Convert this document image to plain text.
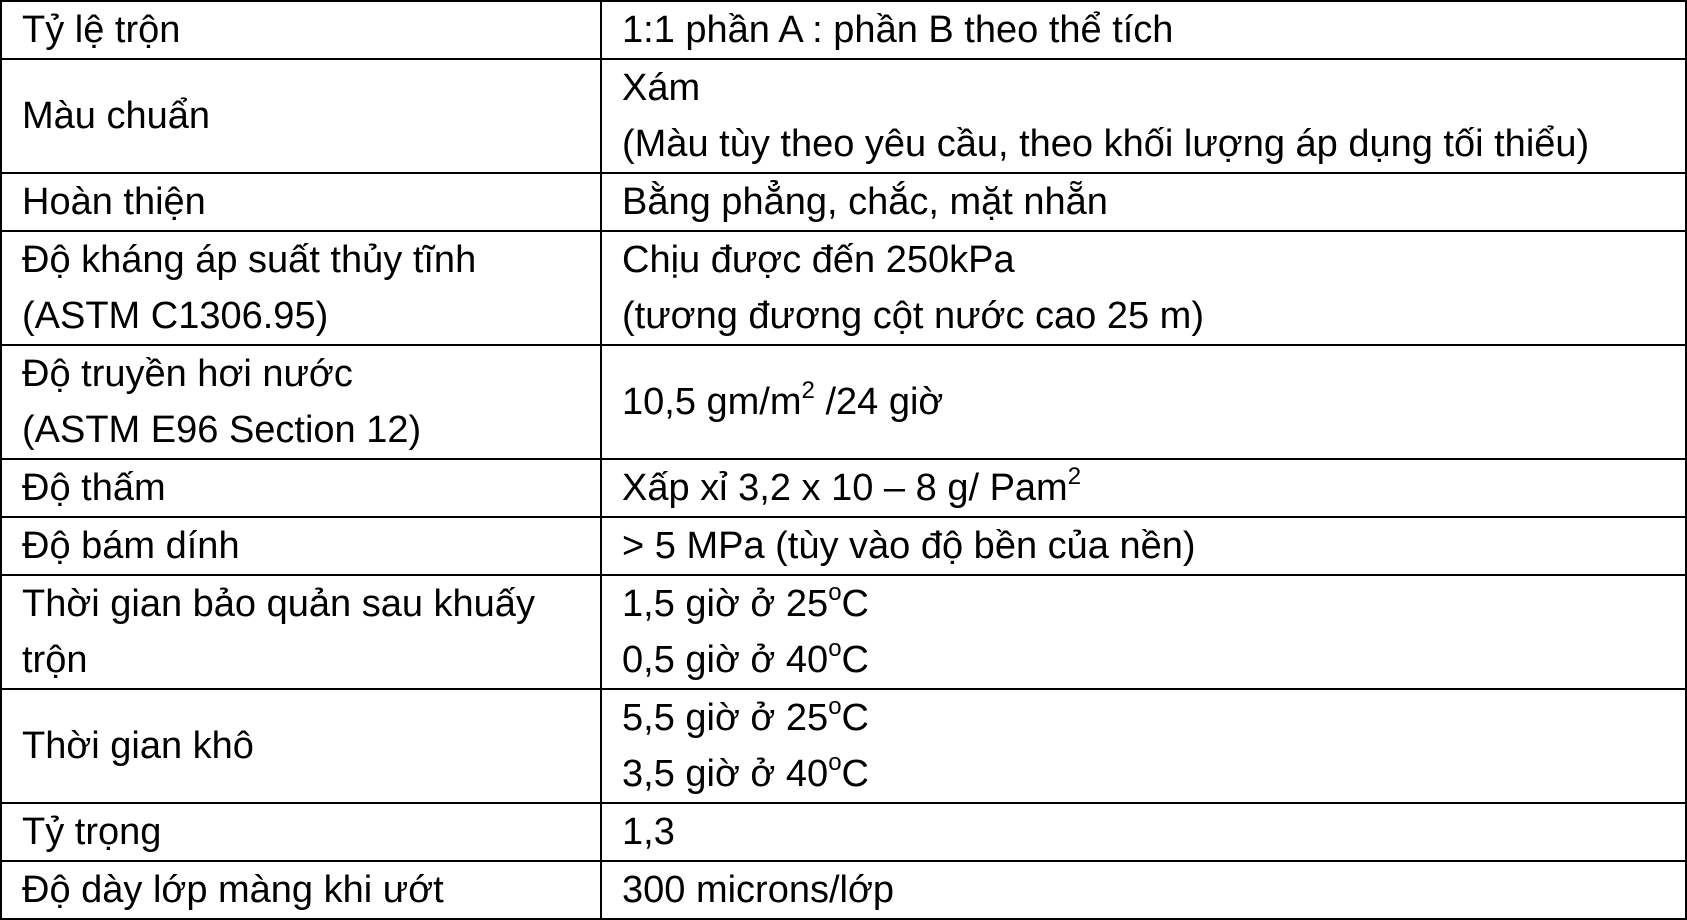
Tỷ lệ trộn	1:1 phần A : phần B theo thể tích

Màu chuẩn	Xám
(Màu tùy theo yêu cầu, theo khối lượng áp dụng tối thiểu)

Hoàn thiện	Bằng phẳng, chắc, mặt nhẵn

Độ kháng áp suất thủy tĩnh
(ASTM C1306.95)	Chịu được đến 250kPa
(tương đương cột nước cao 25 m)

Độ truyền hơi nước
(ASTM E96 Section 12)	10,5 $gm/m^2$ /24 giờ

Độ thấm	Xấp xỉ 3,2 x 10 – 8 g/ Pam$^2$

Độ bám dính	> 5 MPa (tùy vào độ bền của nền)

Thời gian bảo quản sau khuấy
trộn	1,5 giờ ở 25$^o$C
0,5 giờ ở 40$^o$C

Thời gian khô	5,5 giờ ở 25$^o$C
3,5 giờ ở 40$^o$C

Tỷ trọng	1,3

Độ dày lớp màng khi ướt	300 microns/lớp
